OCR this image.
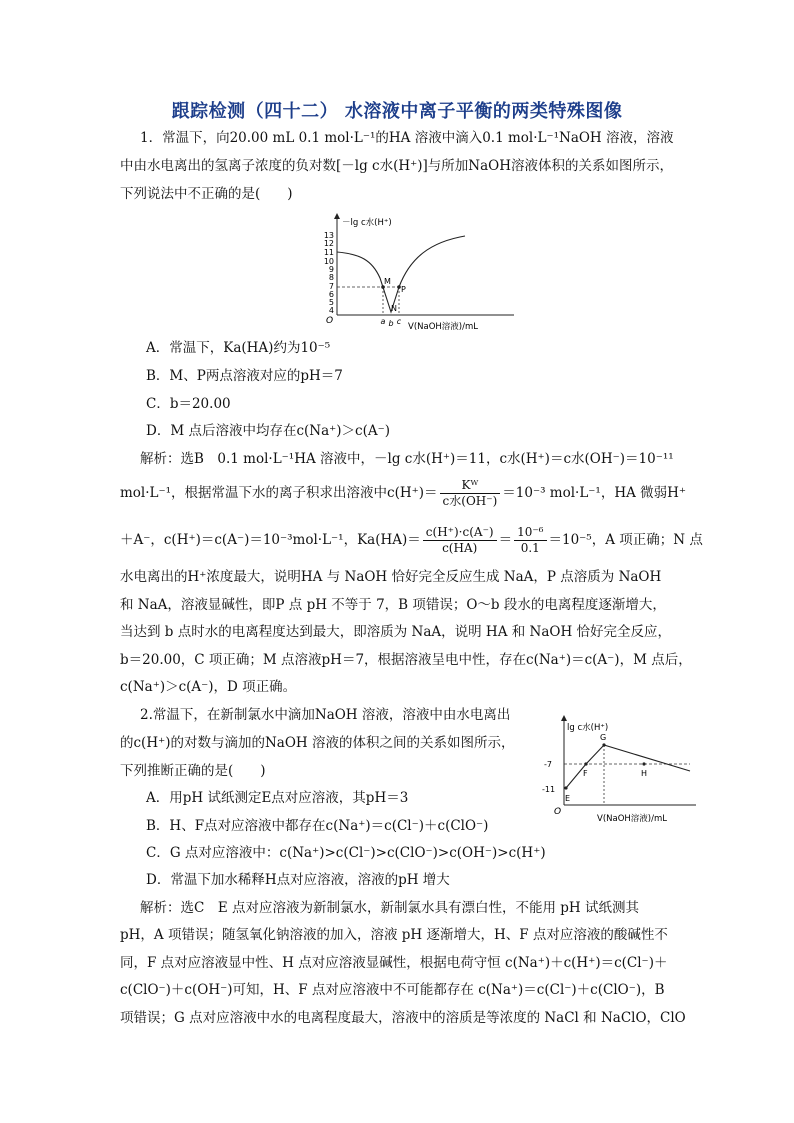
跟踪检测（四十二） 水溶液中离子平衡的两类特殊图像
1．常温下，向20.00 mL 0.1 mol·L⁻¹的HA 溶液中滴入0.1 mol·L⁻¹NaOH 溶液，溶液
中由水电离出的氢离子浓度的负对数[－lg c水(H⁺)]与所加NaOH溶液体积的关系如图所示，
下列说法中不正确的是(　　)
－lg c水(H⁺)
O
13
12
11
10
9
8
7
6
5
4
M
N
P
a b c
V(NaOH溶液)/mL
A．常温下，Ka(HA)约为10⁻⁵
B．M、P两点溶液对应的pH＝7
C．b＝20.00
D．M 点后溶液中均存在c(Na⁺)＞c(A⁻)
解析：选B　0.1 mol·L⁻¹HA 溶液中，－lg c水(H⁺)＝11，c水(H⁺)＝c水(OH⁻)＝10⁻¹¹
mol·L⁻¹，根据常温下水的离子积求出溶液中$c(H^+)= \frac{\text{Kᵂ}}{\text{c水(OH⁻)}} =10^{-3}$ mol·L⁻¹，HA 微弱H⁺
＋A⁻，c(H⁺)＝c(A⁻)＝10⁻³mol·L⁻¹，$Ka(HA)= \frac{c(H^+)\cdot c(A^-)}{c(HA)} = \frac{\text{10⁻⁶}}{0.1} =10^{-5}$，A 项正确；N 点
水电离出的H⁺浓度最大，说明HA 与 NaOH 恰好完全反应生成 NaA，P 点溶质为 NaOH
和 NaA，溶液显碱性，即P 点 pH 不等于 7，B 项错误；O～b 段水的电离程度逐渐增大，
当达到 b 点时水的电离程度达到最大，即溶质为 NaA，说明 HA 和 NaOH 恰好完全反应，
b＝20.00，C 项正确；M 点溶液pH＝7，根据溶液呈电中性，存在c(Na⁺)＝c(A⁻)，M 点后，
c(Na⁺)＞c(A⁻)，D 项正确。
2.常温下，在新制氯水中滴加NaOH 溶液，溶液中由水电离出
的c(H⁺)的对数与滴加的NaOH 溶液的体积之间的关系如图所示，
下列推断正确的是(　　)
lg c水(H⁺)
O
-7
-11
E
F
G
H
V(NaOH溶液)/mL
A．用pH 试纸测定E点对应溶液，其pH＝3
B．H、F点对应溶液中都存在c(Na⁺)＝c(Cl⁻)＋c(ClO⁻)
C．G 点对应溶液中：c(Na⁺)>c(Cl⁻)>c(ClO⁻)>c(OH⁻)>c(H⁺)
D．常温下加水稀释H点对应溶液，溶液的pH 增大
解析：选C　E 点对应溶液为新制氯水，新制氯水具有漂白性，不能用 pH 试纸测其
pH，A 项错误；随氢氧化钠溶液的加入，溶液 pH 逐渐增大，H、F 点对应溶液的酸碱性不
同，F 点对应溶液显中性、H 点对应溶液显碱性，根据电荷守恒 c(Na⁺)＋c(H⁺)＝c(Cl⁻)＋
c(ClO⁻)＋c(OH⁻)可知，H、F 点对应溶液中不可能都存在 c(Na⁺)＝c(Cl⁻)＋c(ClO⁻)，B
项错误；G 点对应溶液中水的电离程度最大，溶液中的溶质是等浓度的 NaCl 和 NaClO，ClO
